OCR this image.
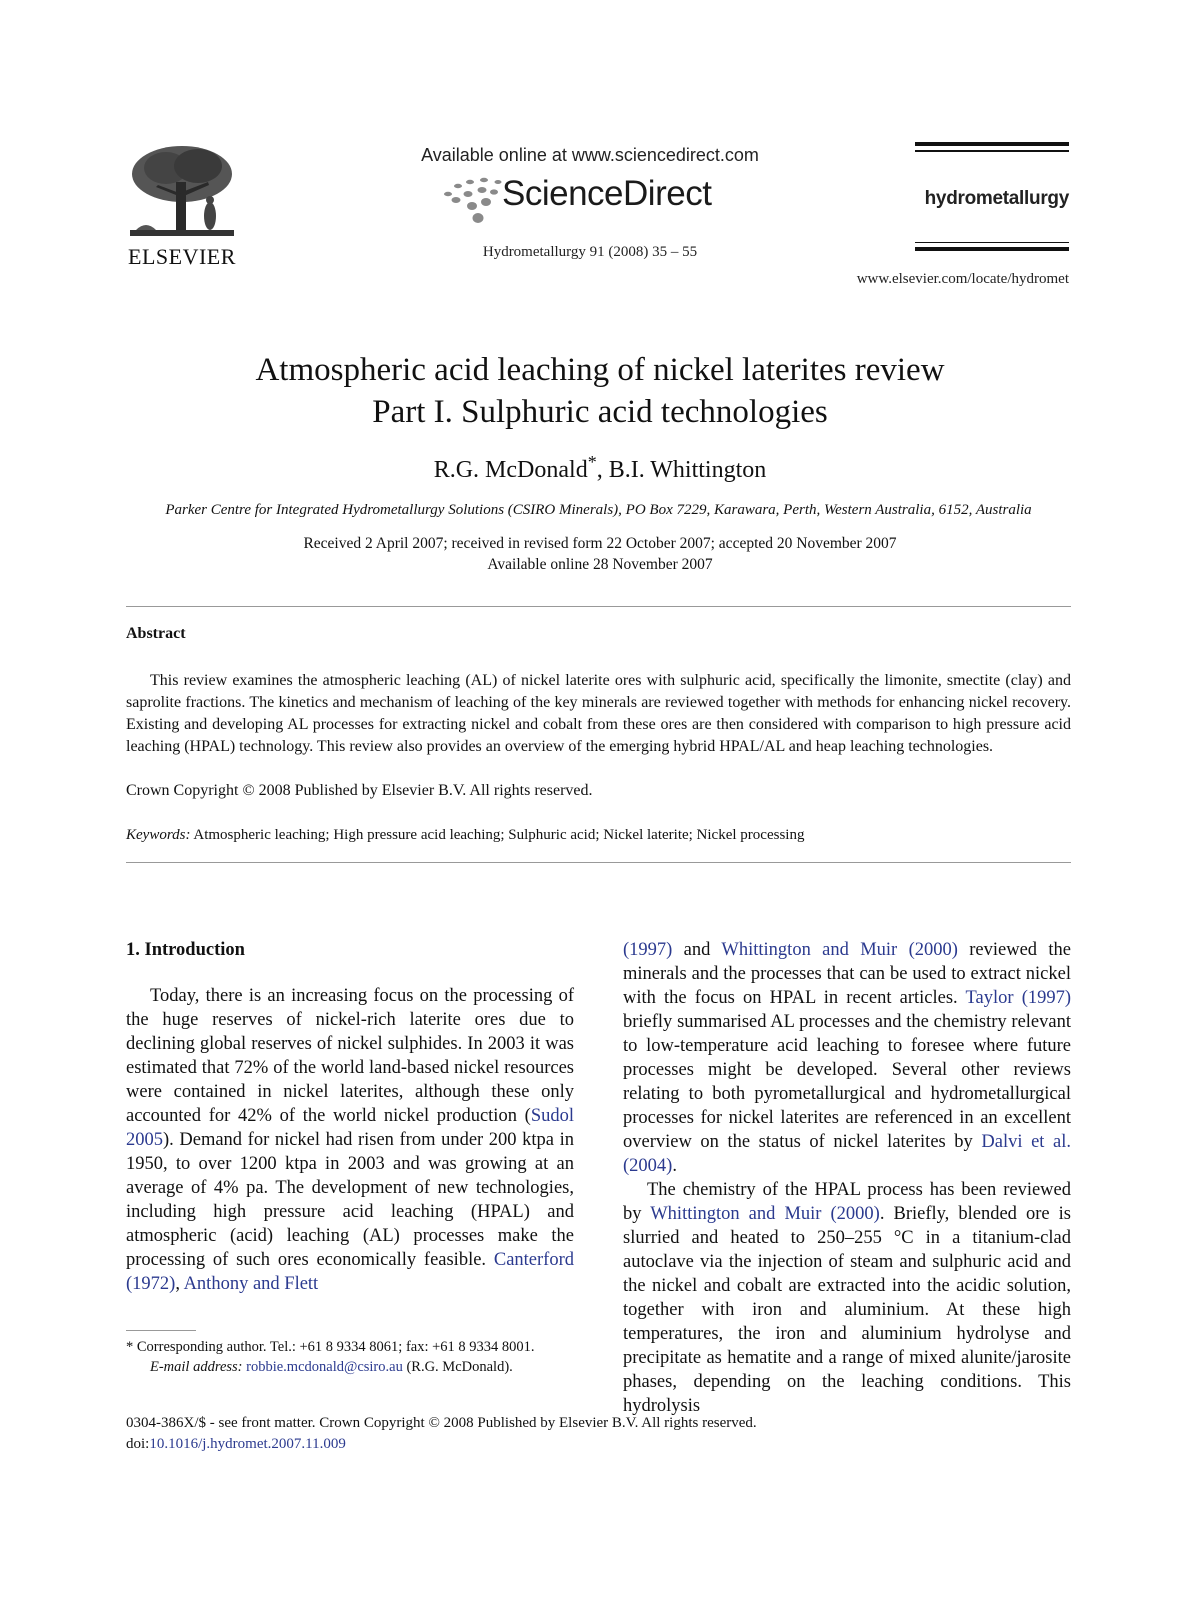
ELSEVIER
Available online at www.sciencedirect.com
ScienceDirect
Hydrometallurgy 91 (2008) 35 – 55
hydrometallurgy
www.elsevier.com/locate/hydromet
Atmospheric acid leaching of nickel laterites review
Part I. Sulphuric acid technologies
R.G. McDonald*, B.I. Whittington
Parker Centre for Integrated Hydrometallurgy Solutions (CSIRO Minerals), PO Box 7229, Karawara, Perth, Western Australia, 6152, Australia
Received 2 April 2007; received in revised form 22 October 2007; accepted 20 November 2007
Available online 28 November 2007
Abstract

This review examines the atmospheric leaching (AL) of nickel laterite ores with sulphuric acid, specifically the limonite, smectite (clay) and saprolite fractions. The kinetics and mechanism of leaching of the key minerals are reviewed together with methods for enhancing nickel recovery. Existing and developing AL processes for extracting nickel and cobalt from these ores are then considered with comparison to high pressure acid leaching (HPAL) technology. This review also provides an overview of the emerging hybrid HPAL/AL and heap leaching technologies.

Crown Copyright © 2008 Published by Elsevier B.V. All rights reserved.
Keywords: Atmospheric leaching; High pressure acid leaching; Sulphuric acid; Nickel laterite; Nickel processing
1. Introduction

Today, there is an increasing focus on the processing of the huge reserves of nickel-rich laterite ores due to declining global reserves of nickel sulphides. In 2003 it was estimated that 72% of the world land-based nickel resources were contained in nickel laterites, although these only accounted for 42% of the world nickel production (Sudol 2005). Demand for nickel had risen from under 200 ktpa in 1950, to over 1200 ktpa in 2003 and was growing at an average of 4% pa. The development of new technologies, including high pressure acid leaching (HPAL) and atmospheric (acid) leaching (AL) processes make the processing of such ores economically feasible. Canterford (1972), Anthony and Flett

* Corresponding author. Tel.: +61 8 9334 8061; fax: +61 8 9334 8001.

E-mail address: robbie.mcdonald@csiro.au (R.G. McDonald).

(1997) and Whittington and Muir (2000) reviewed the minerals and the processes that can be used to extract nickel with the focus on HPAL in recent articles. Taylor (1997) briefly summarised AL processes and the chemistry relevant to low-temperature acid leaching to foresee where future processes might be developed. Several other reviews relating to both pyrometallurgical and hydrometallurgical processes for nickel laterites are referenced in an excellent overview on the status of nickel laterites by Dalvi et al. (2004).

The chemistry of the HPAL process has been reviewed by Whittington and Muir (2000). Briefly, blended ore is slurried and heated to 250–255 °C in a titanium-clad autoclave via the injection of steam and sulphuric acid and the nickel and cobalt are extracted into the acidic solution, together with iron and aluminium. At these high temperatures, the iron and aluminium hydrolyse and precipitate as hematite and a range of mixed alunite/jarosite phases, depending on the leaching conditions. This hydrolysis

0304-386X/$ - see front matter. Crown Copyright © 2008 Published by Elsevier B.V. All rights reserved.
doi:10.1016/j.hydromet.2007.11.009
